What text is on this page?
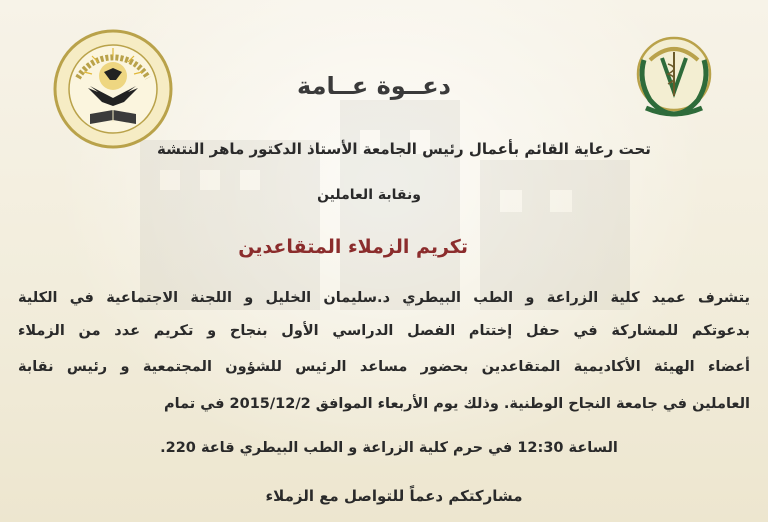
دعــوة عــامة
تحت رعاية القائم بأعمال رئيس الجامعة الأستاذ الدكتور ماهر النتشة
ونقابة العاملين
تكريم الزملاء المتقاعدين
يتشرف عميد كلية الزراعة و الطب البيطري د.سليمان الخليل و اللجنة الاجتماعية في الكلية
بدعوتكم للمشاركة في حفل إختتام الفصل الدراسي الأول بنجاح و تكريم عدد من الزملاء
أعضاء الهيئة الأكاديمية المتقاعدين بحضور مساعد الرئيس للشؤون المجتمعية و رئيس نقابة
العاملين في جامعة النجاح الوطنية. وذلك يوم الأربعاء الموافق 2015/12/2 في تمام
الساعة 12:30 في حرم كلية الزراعة و الطب البيطري قاعة 220.
مشاركتكم دعماً للتواصل مع الزملاء
